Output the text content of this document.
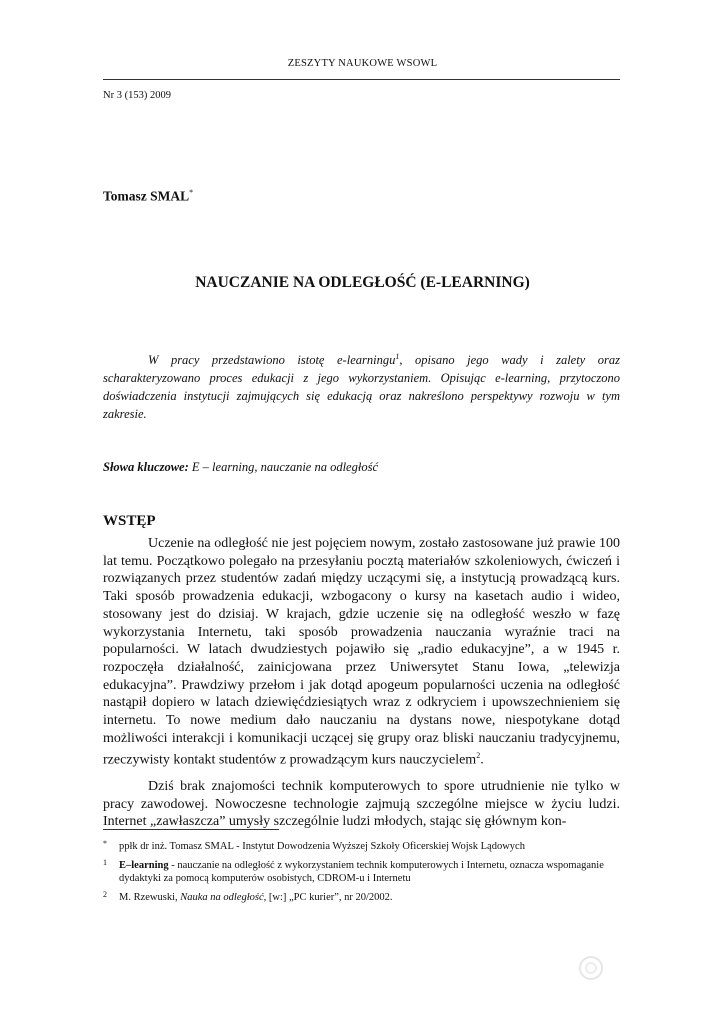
ZESZYTY NAUKOWE WSOWL
Nr 3 (153) 2009
Tomasz SMAL*
NAUCZANIE NA ODLEGŁOŚĆ (E-LEARNING)

W pracy przedstawiono istotę e-learningu$^1$, opisano jego wady i zalety oraz scharakteryzowano proces edukacji z jego wykorzystaniem. Opisując e-learning, przytoczono doświadczenia instytucji zajmujących się edukacją oraz nakreślono perspektywy rozwoju w tym zakresie.

Słowa kluczowe: E – learning, nauczanie na odległość
WSTĘP

Uczenie na odległość nie jest pojęciem nowym, zostało zastosowane już prawie 100 lat temu. Początkowo polegało na przesyłaniu pocztą materiałów szkoleniowych, ćwiczeń i rozwiązanych przez studentów zadań między uczącymi się, a instytucją prowadzącą kurs. Taki sposób prowadzenia edukacji, wzbogacony o kursy na kasetach audio i wideo, stosowany jest do dzisiaj. W krajach, gdzie uczenie się na odległość weszło w fazę wykorzystania Internetu, taki sposób prowadzenia nauczania wyraźnie traci na popularności. W latach dwudziestych pojawiło się „radio edukacyjne”, a w 1945 r. rozpoczęła działalność, zainicjowana przez Uniwersytet Stanu Iowa, „telewizja edukacyjna”. Prawdziwy przełom i jak dotąd apogeum popularności uczenia na odległość nastąpił dopiero w latach dziewięćdziesiątych wraz z odkryciem i upowszechnieniem się internetu. To nowe medium dało nauczaniu na dystans nowe, niespotykane dotąd możliwości interakcji i komunikacji uczącej się grupy oraz bliski nauczaniu tradycyjnemu, rzeczywisty kontakt studentów z prowadzącym kurs nauczycielem$^2$.

Dziś brak znajomości technik komputerowych to spore utrudnienie nie tylko w pracy zawodowej. Nowoczesne technologie zajmują szczególne miejsce w życiu ludzi. Internet „zawłaszcza” umysły szczególnie ludzi młodych, stając się głównym kon-

* ppłk dr inż. Tomasz SMAL - Instytut Dowodzenia Wyższej Szkoły Oficerskiej Wojsk Lądowych
1 E–learning - nauczanie na odległość z wykorzystaniem technik komputerowych i Internetu, oznacza wspomaganie dydaktyki za pomocą komputerów osobistych, CDROM-u i Internetu
2 M. Rzewuski, Nauka na odległość, [w:] „PC kurier”, nr 20/2002.
